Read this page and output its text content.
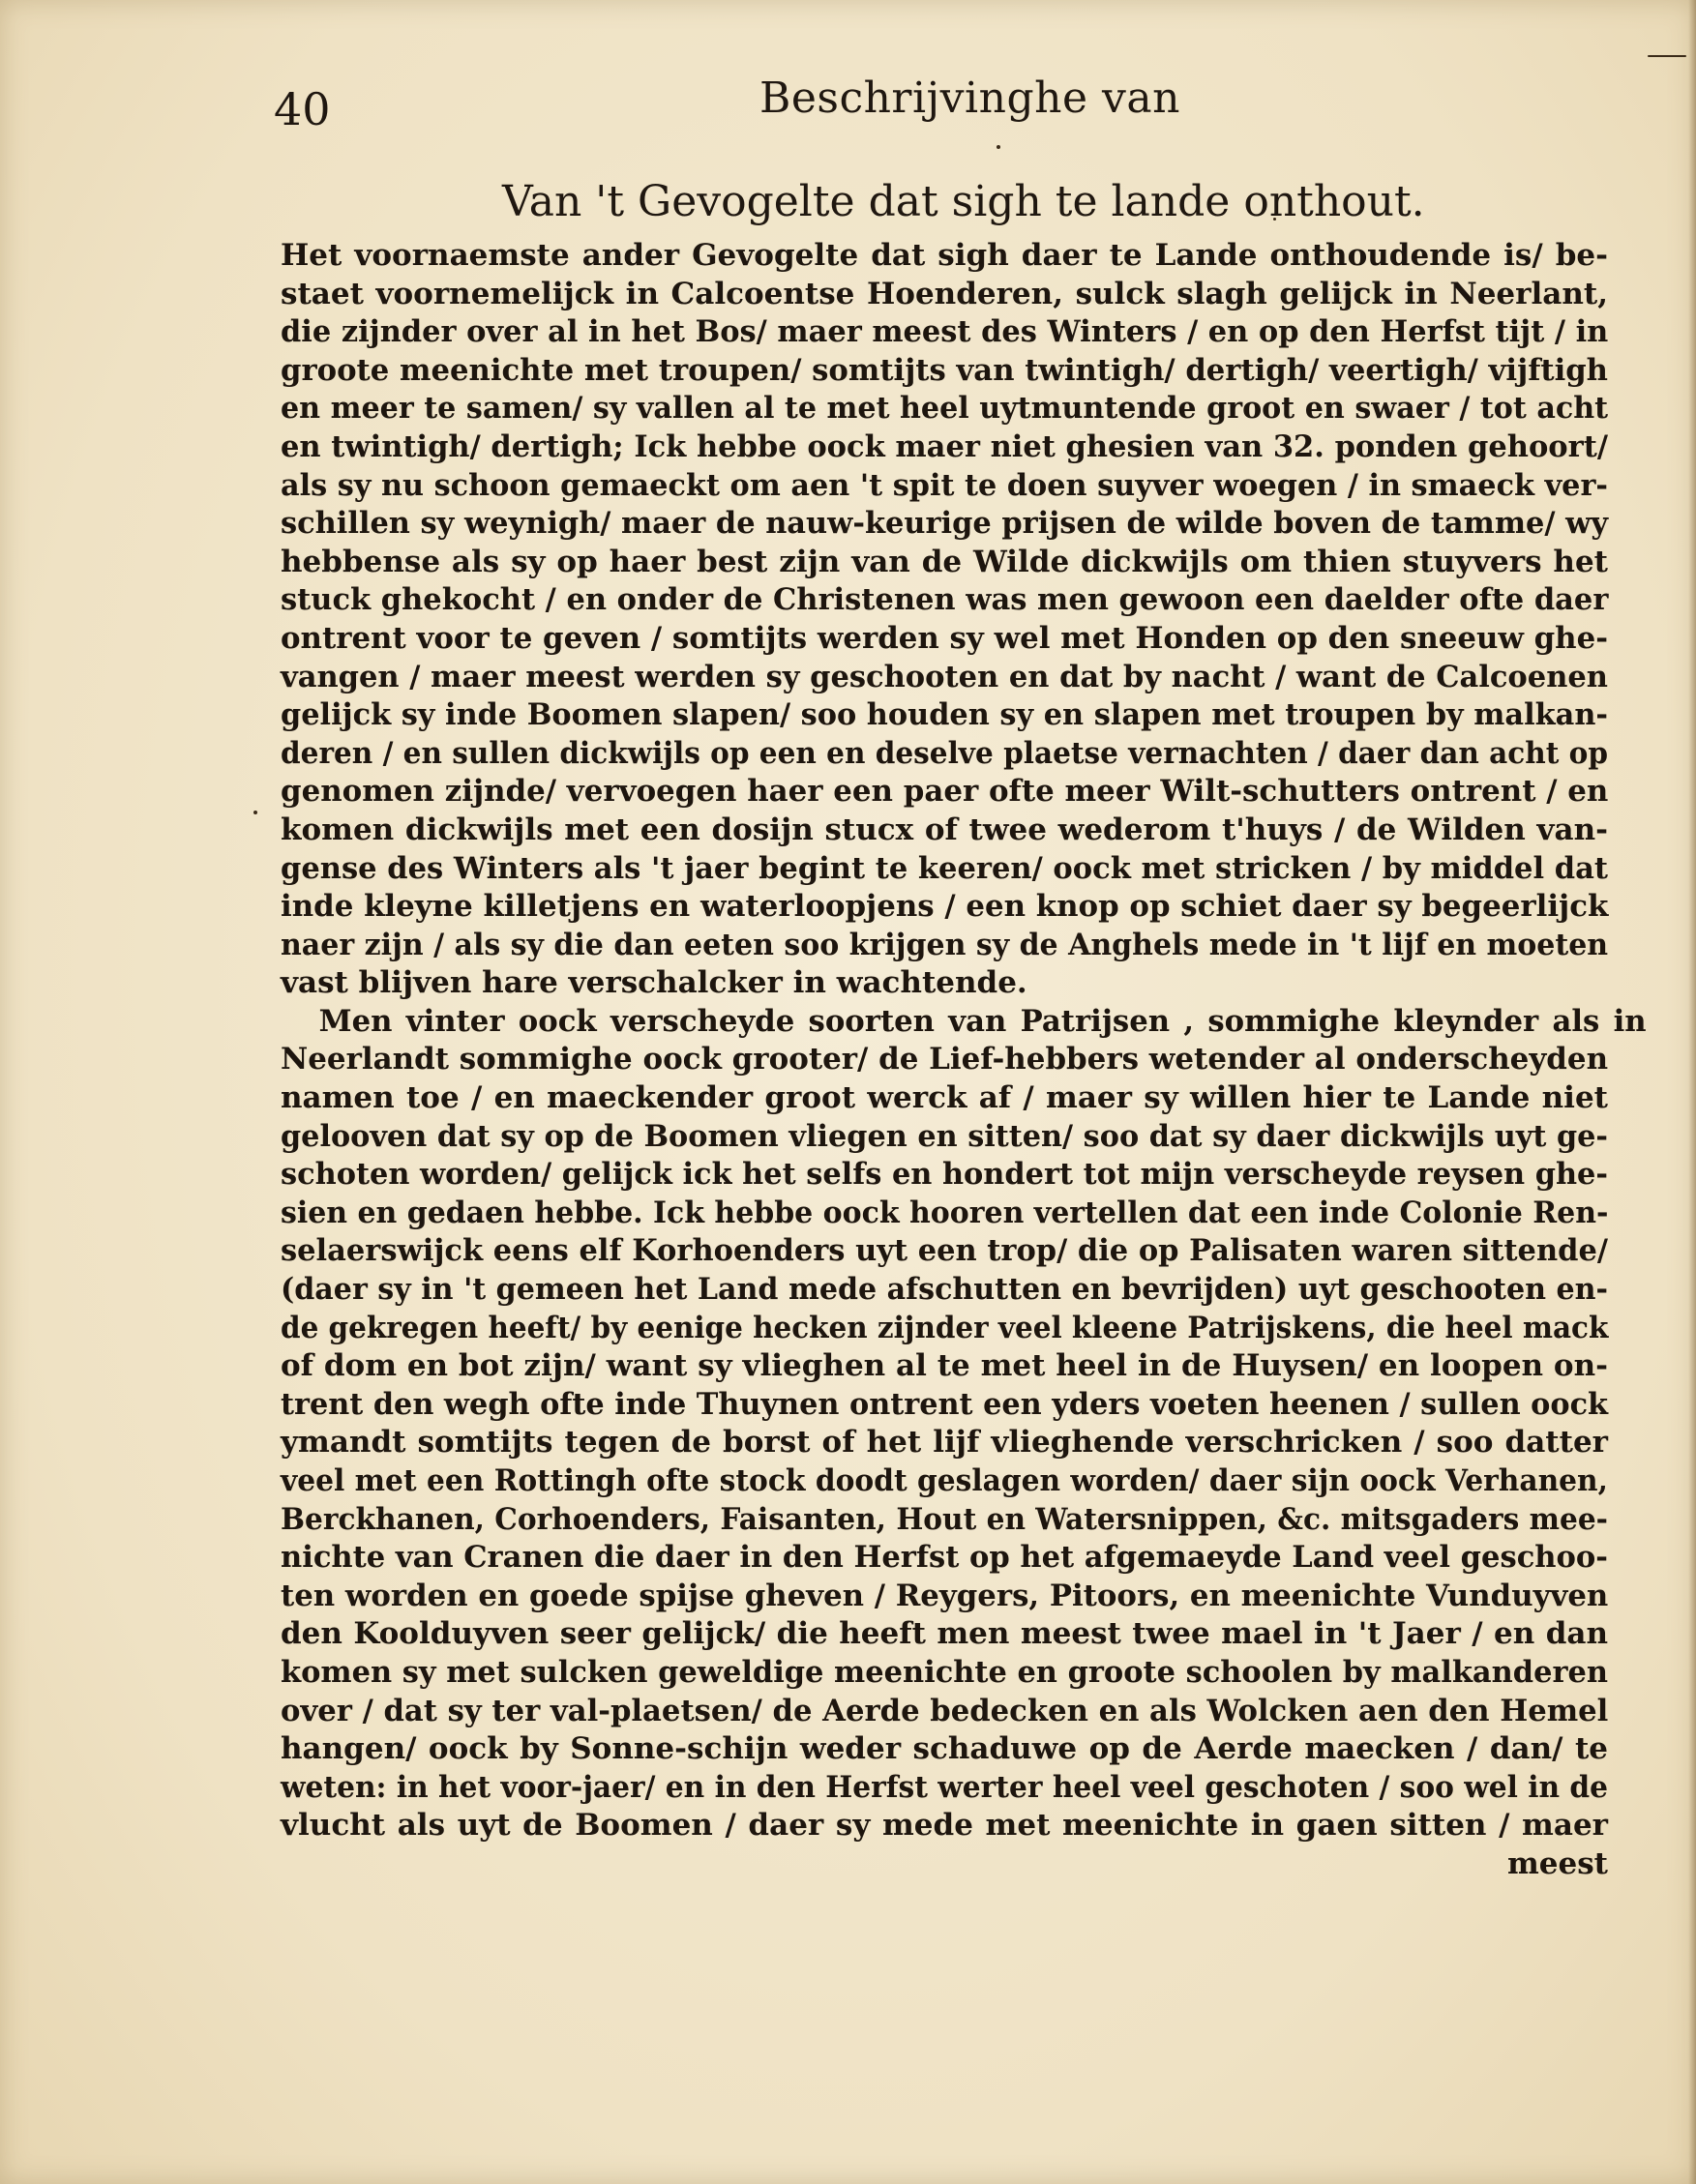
40	Beschrijvinghe van
Van 't Gevogelte dat sigh te lande onthout.
Het voornaemste ander Gevogelte dat sigh daer te Lande onthoudende is/ be-
staet voornemelijck in Calcoentse Hoenderen, sulck slagh gelijck in Neerlant,
die zijnder over al in het Bos/ maer meest des Winters / en op den Herfst tijt / in
groote meenichte met troupen/ somtijts van twintigh/ dertigh/ veertigh/ vijftigh
en meer te samen/ sy vallen al te met heel uytmuntende groot en swaer / tot acht
en twintigh/ dertigh; Ick hebbe oock maer niet ghesien van 32. ponden gehoort/
als sy nu schoon gemaeckt om aen 't spit te doen suyver woegen / in smaeck ver-
schillen sy weynigh/ maer de nauw-keurige prijsen de wilde boven de tamme/ wy
hebbense als sy op haer best zijn van de Wilde dickwijls om thien stuyvers het
stuck ghekocht / en onder de Christenen was men gewoon een daelder ofte daer
ontrent voor te geven / somtijts werden sy wel met Honden op den sneeuw ghe-
vangen / maer meest werden sy geschooten en dat by nacht / want de Calcoenen
gelijck sy inde Boomen slapen/ soo houden sy en slapen met troupen by malkan-
deren / en sullen dickwijls op een en deselve plaetse vernachten / daer dan acht op
genomen zijnde/ vervoegen haer een paer ofte meer Wilt-schutters ontrent / en
komen dickwijls met een dosijn stucx of twee wederom t'huys / de Wilden van-
gense des Winters als 't jaer begint te keeren/ oock met stricken / by middel dat
inde kleyne killetjens en waterloopjens / een knop op schiet daer sy begeerlijck
naer zijn / als sy die dan eeten soo krijgen sy de Anghels mede in 't lijf en moeten
vast blijven hare verschalcker in wachtende.
Men vinter oock verscheyde soorten van Patrijsen , sommighe kleynder als in
Neerlandt sommighe oock grooter/ de Lief-hebbers wetender al onderscheyden
namen toe / en maeckender groot werck af / maer sy willen hier te Lande niet
gelooven dat sy op de Boomen vliegen en sitten/ soo dat sy daer dickwijls uyt ge-
schoten worden/ gelijck ick het selfs en hondert tot mijn verscheyde reysen ghe-
sien en gedaen hebbe. Ick hebbe oock hooren vertellen dat een inde Colonie Ren-
selaerswijck eens elf Korhoenders uyt een trop/ die op Palisaten waren sittende/
(daer sy in 't gemeen het Land mede afschutten en bevrijden) uyt geschooten en-
de gekregen heeft/ by eenige hecken zijnder veel kleene Patrijskens, die heel mack
of dom en bot zijn/ want sy vlieghen al te met heel in de Huysen/ en loopen on-
trent den wegh ofte inde Thuynen ontrent een yders voeten heenen / sullen oock
ymandt somtijts tegen de borst of het lijf vlieghende verschricken / soo datter
veel met een Rottingh ofte stock doodt geslagen worden/ daer sijn oock Verhanen,
Berckhanen, Corhoenders, Faisanten, Hout en Watersnippen, &c. mitsgaders mee-
nichte van Cranen die daer in den Herfst op het afgemaeyde Land veel geschoo-
ten worden en goede spijse gheven / Reygers, Pitoors, en meenichte Vunduyven
den Koolduyven seer gelijck/ die heeft men meest twee mael in 't Jaer / en dan
komen sy met sulcken geweldige meenichte en groote schoolen by malkanderen
over / dat sy ter val-plaetsen/ de Aerde bedecken en als Wolcken aen den Hemel
hangen/ oock by Sonne-schijn weder schaduwe op de Aerde maecken / dan/ te
weten: in het voor-jaer/ en in den Herfst werter heel veel geschoten / soo wel in de
vlucht als uyt de Boomen / daer sy mede met meenichte in gaen sitten / maer
meest
